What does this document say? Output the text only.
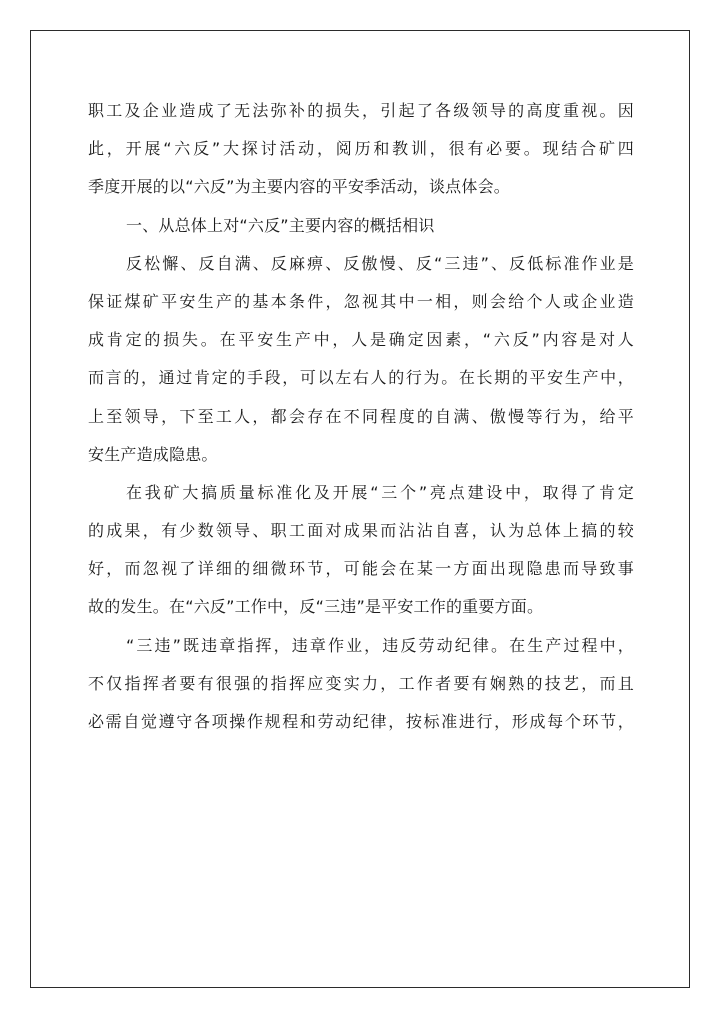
职工及企业造成了无法弥补的损失，引起了各级领导的高度重视。因
此，开展“六反”大探讨活动，阅历和教训，很有必要。现结合矿四
季度开展的以“六反”为主要内容的平安季活动，谈点体会。
一、从总体上对“六反”主要内容的概括相识
反松懈、反自满、反麻痹、反傲慢、反“三违”、反低标准作业是
保证煤矿平安生产的基本条件，忽视其中一相，则会给个人或企业造
成肯定的损失。在平安生产中，人是确定因素，“六反”内容是对人
而言的，通过肯定的手段，可以左右人的行为。在长期的平安生产中，
上至领导，下至工人，都会存在不同程度的自满、傲慢等行为，给平
安生产造成隐患。
在我矿大搞质量标准化及开展“三个”亮点建设中，取得了肯定
的成果，有少数领导、职工面对成果而沾沾自喜，认为总体上搞的较
好，而忽视了详细的细微环节，可能会在某一方面出现隐患而导致事
故的发生。在“六反”工作中，反“三违”是平安工作的重要方面。
“三违”既违章指挥，违章作业，违反劳动纪律。在生产过程中，
不仅指挥者要有很强的指挥应变实力，工作者要有娴熟的技艺，而且
必需自觉遵守各项操作规程和劳动纪律，按标准进行，形成每个环节，
